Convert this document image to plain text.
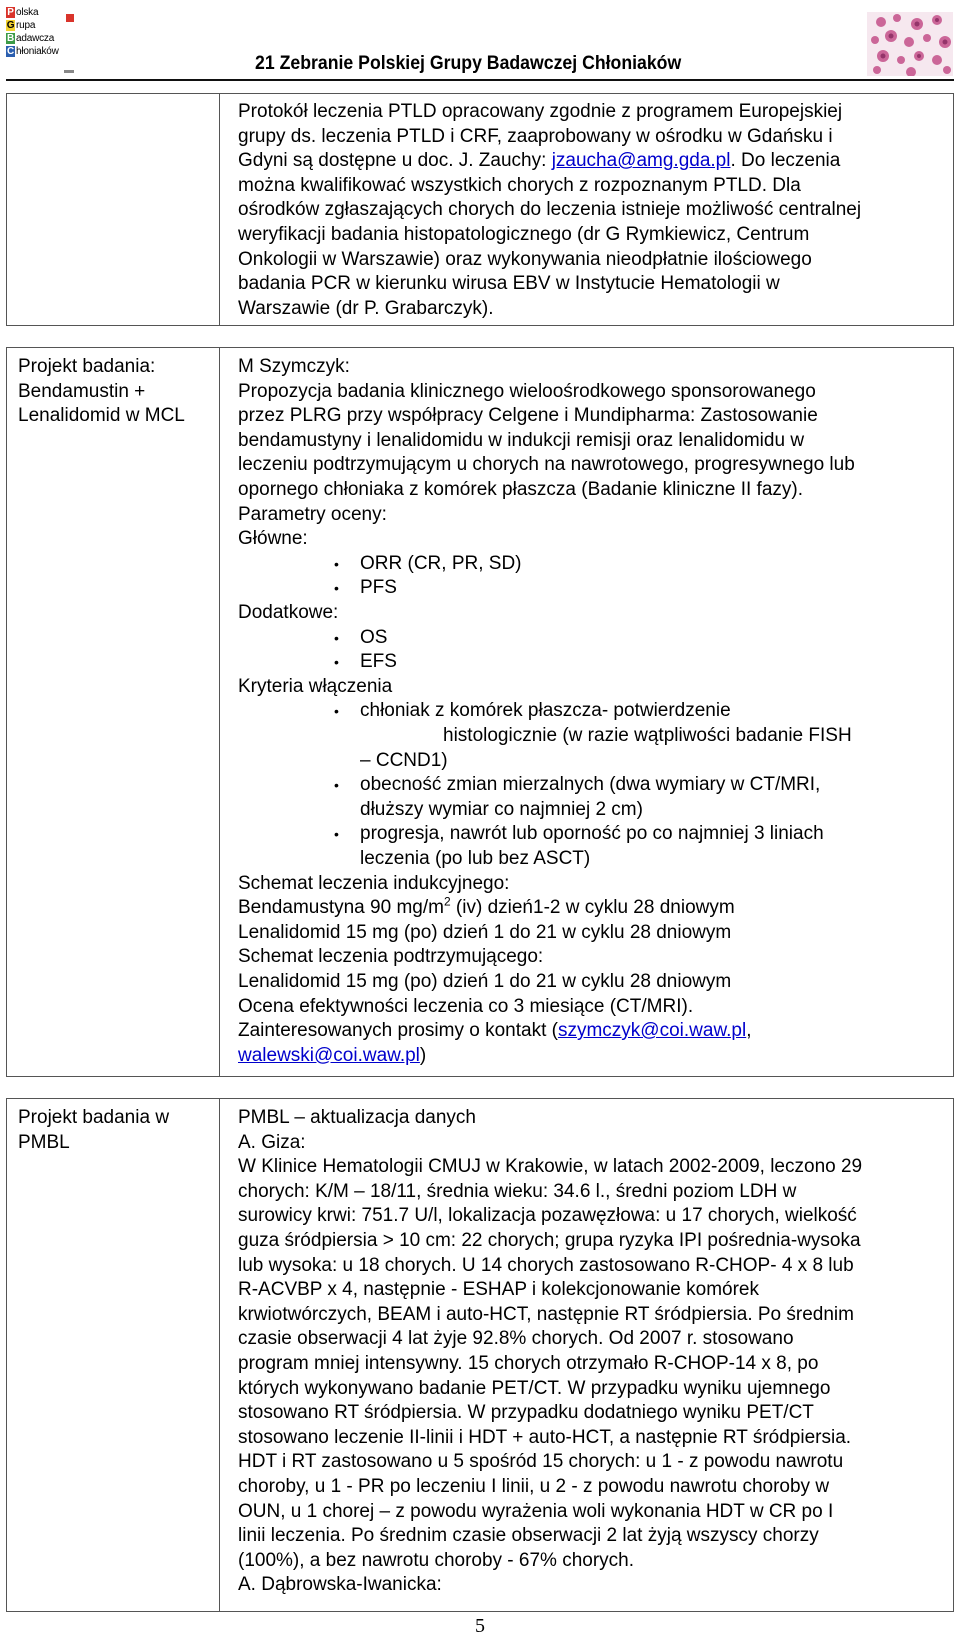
P olska
G rupa
B adawcza
C hłoniaków
21 Zebranie Polskiej Grupy Badawczej Chłoniaków
Protokół leczenia PTLD opracowany zgodnie z programem Europejskiej
grupy ds. leczenia PTLD i CRF, zaaprobowany w ośrodku w Gdańsku i
Gdyni są dostępne u doc. J. Zauchy: jzaucha@amg.gda.pl. Do leczenia
można kwalifikować wszystkich chorych z rozpoznanym PTLD. Dla
ośrodków zgłaszających chorych do leczenia istnieje możliwość centralnej
weryfikacji badania histopatologicznego (dr G Rymkiewicz, Centrum
Onkologii w Warszawie) oraz wykonywania nieodpłatnie ilościowego
badania PCR w kierunku wirusa EBV w Instytucie Hematologii w
Warszawie (dr P. Grabarczyk).
Projekt badania:
Bendamustin +
Lenalidomid w MCL
M Szymczyk:
Propozycja badania klinicznego wieloośrodkowego sponsorowanego
przez PLRG przy współpracy Celgene i Mundipharma: Zastosowanie
bendamustyny i lenalidomidu w indukcji remisji oraz lenalidomidu w
leczeniu podtrzymującym u chorych na nawrotowego, progresywnego lub
opornego chłoniaka z komórek płaszcza (Badanie kliniczne II fazy).
Parametry oceny:
Główne:
ORR (CR, PR, SD)
•
PFS
•
Dodatkowe:
OS
•
EFS
•
Kryteria włączenia
chłoniak z komórek płaszcza- potwierdzenie
•
histologicznie (w razie wątpliwości badanie FISH
– CCND1)
obecność zmian mierzalnych (dwa wymiary w CT/MRI,
•
dłuższy wymiar co najmniej 2 cm)
progresja, nawrót lub oporność po co najmniej 3 liniach
•
leczenia (po lub bez ASCT)
Schemat leczenia indukcyjnego:
Bendamustyna 90 $mg/m^2$ (iv) dzień1-2 w cyklu 28 dniowym
Lenalidomid 15 mg (po) dzień 1 do 21 w cyklu 28 dniowym
Schemat leczenia podtrzymującego:
Lenalidomid 15 mg (po) dzień 1 do 21 w cyklu 28 dniowym
Ocena efektywności leczenia co 3 miesiące (CT/MRI).
Zainteresowanych prosimy o kontakt (szymczyk@coi.waw.pl,
walewski@coi.waw.pl)
Projekt badania w
PMBL
PMBL – aktualizacja danych
A. Giza:
W Klinice Hematologii CMUJ w Krakowie, w latach 2002-2009, leczono 29
chorych: K/M – 18/11, średnia wieku: 34.6 l., średni poziom LDH w
surowicy krwi: 751.7 U/l, lokalizacja pozawęzłowa: u 17 chorych, wielkość
guza śródpiersia > 10 cm: 22 chorych; grupa ryzyka IPI pośrednia-wysoka
lub wysoka: u 18 chorych. U 14 chorych zastosowano R-CHOP- 4 x 8 lub
R-ACVBP x 4, następnie - ESHAP i kolekcjonowanie komórek
krwiotwórczych, BEAM i auto-HCT, następnie RT śródpiersia. Po średnim
czasie obserwacji 4 lat żyje 92.8% chorych. Od 2007 r. stosowano
program mniej intensywny. 15 chorych otrzymało R-CHOP-14 x 8, po
których wykonywano badanie PET/CT. W przypadku wyniku ujemnego
stosowano RT śródpiersia. W przypadku dodatniego wyniku PET/CT
stosowano leczenie II-linii i HDT + auto-HCT, a następnie RT śródpiersia.
HDT i RT zastosowano u 5 spośród 15 chorych: u 1 - z powodu nawrotu
choroby, u 1 - PR po leczeniu I linii, u 2 - z powodu nawrotu choroby w
OUN, u 1 chorej – z powodu wyrażenia woli wykonania HDT w CR po I
linii leczenia. Po średnim czasie obserwacji 2 lat żyją wszyscy chorzy
(100%), a bez nawrotu choroby - 67% chorych.
A. Dąbrowska-Iwanicka:
5
